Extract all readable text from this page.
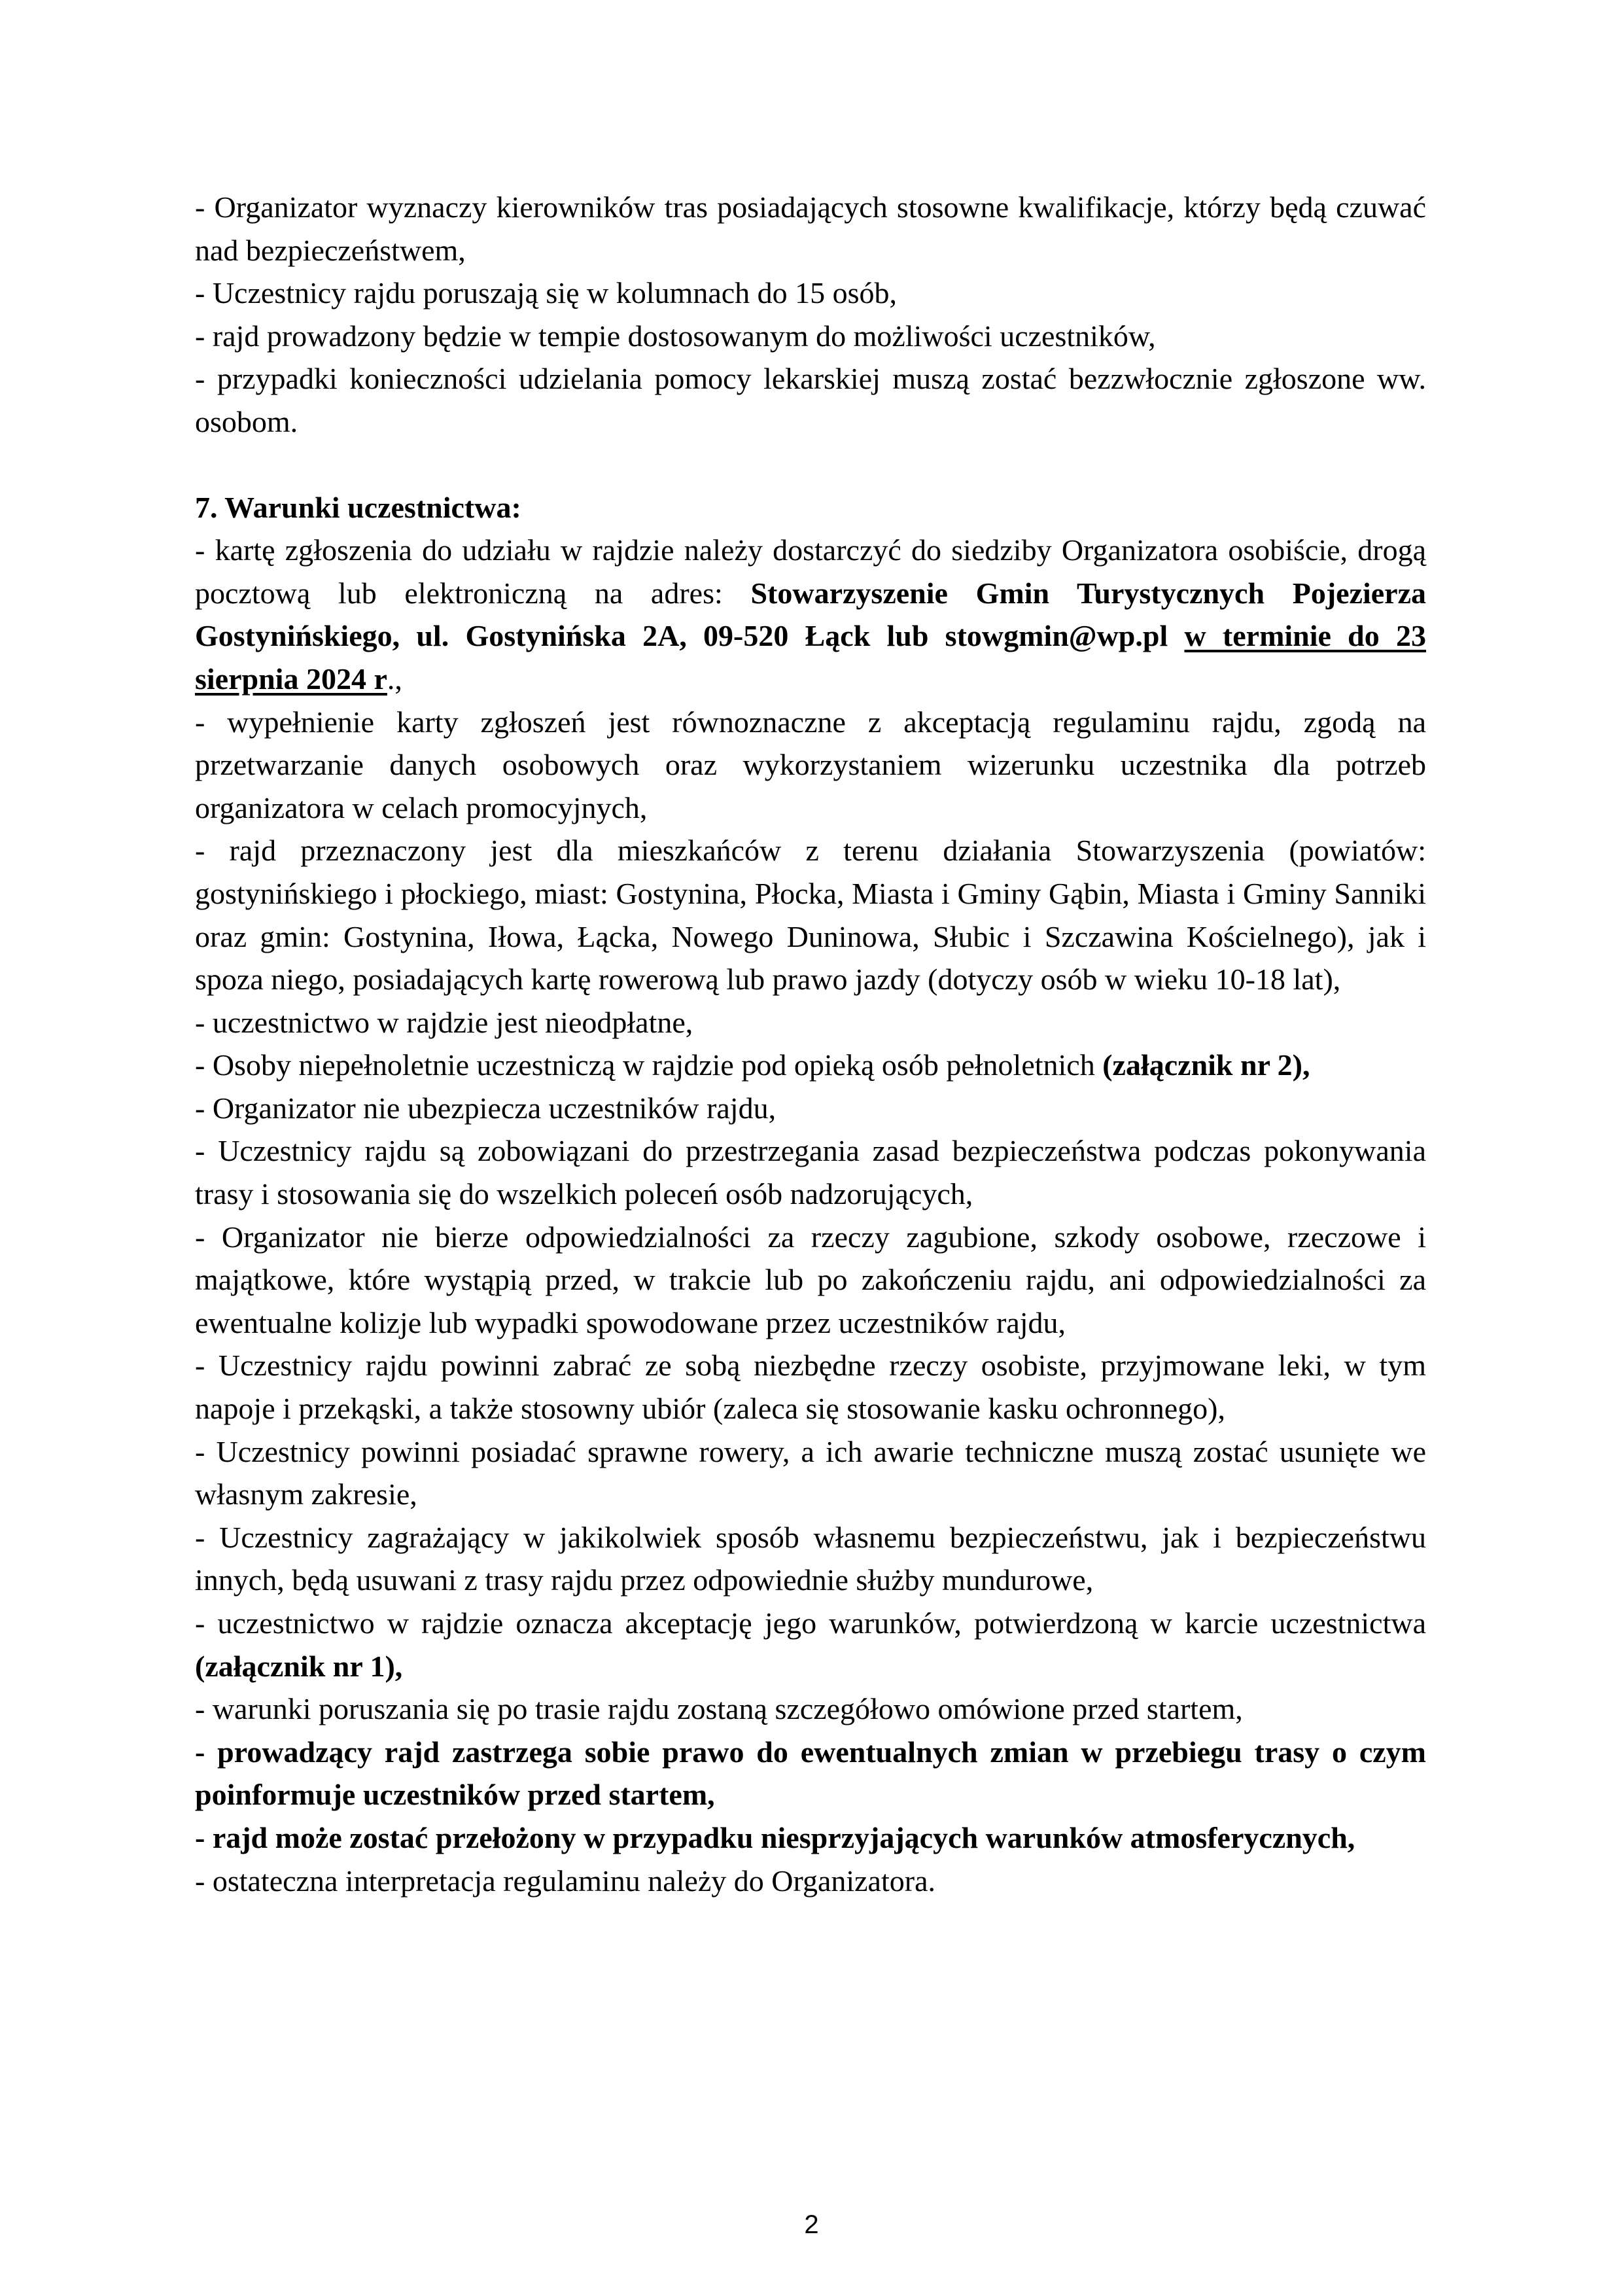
- Organizator wyznaczy kierowników tras posiadających stosowne kwalifikacje, którzy będą czuwać nad bezpieczeństwem,

- Uczestnicy rajdu poruszają się w kolumnach do 15 osób,

- rajd prowadzony będzie w tempie dostosowanym do możliwości uczestników,

- przypadki konieczności udzielania pomocy lekarskiej muszą zostać bezzwłocznie zgłoszone ww. osobom.

7. Warunki uczestnictwa:

- kartę zgłoszenia do udziału w rajdzie należy dostarczyć do siedziby Organizatora osobiście, drogą pocztową lub elektroniczną na adres: Stowarzyszenie Gmin Turystycznych Pojezierza Gostynińskiego, ul. Gostynińska 2A, 09-520 Łąck lub stowgmin@wp.pl w terminie do 23 sierpnia 2024 r.,

- wypełnienie karty zgłoszeń jest równoznaczne z akceptacją regulaminu rajdu, zgodą na przetwarzanie danych osobowych oraz wykorzystaniem wizerunku uczestnika dla potrzeb organizatora w celach promocyjnych,

- rajd przeznaczony jest dla mieszkańców z terenu działania Stowarzyszenia (powiatów: gostynińskiego i płockiego, miast: Gostynina, Płocka, Miasta i Gminy Gąbin, Miasta i Gminy Sanniki oraz gmin: Gostynina, Iłowa, Łącka, Nowego Duninowa, Słubic i Szczawina Kościelnego), jak i spoza niego, posiadających kartę rowerową lub prawo jazdy (dotyczy osób w wieku 10-18 lat),

- uczestnictwo w rajdzie jest nieodpłatne,

- Osoby niepełnoletnie uczestniczą w rajdzie pod opieką osób pełnoletnich (załącznik nr 2),

- Organizator nie ubezpiecza uczestników rajdu,

- Uczestnicy rajdu są zobowiązani do przestrzegania zasad bezpieczeństwa podczas pokonywania trasy i stosowania się do wszelkich poleceń osób nadzorujących,

- Organizator nie bierze odpowiedzialności za rzeczy zagubione, szkody osobowe, rzeczowe i majątkowe, które wystąpią przed, w trakcie lub po zakończeniu rajdu, ani odpowiedzialności za ewentualne kolizje lub wypadki spowodowane przez uczestników rajdu,

- Uczestnicy rajdu powinni zabrać ze sobą niezbędne rzeczy osobiste, przyjmowane leki, w tym napoje i przekąski, a także stosowny ubiór (zaleca się stosowanie kasku ochronnego),

- Uczestnicy powinni posiadać sprawne rowery, a ich awarie techniczne muszą zostać usunięte we własnym zakresie,

- Uczestnicy zagrażający w jakikolwiek sposób własnemu bezpieczeństwu, jak i bezpieczeństwu innych, będą usuwani z trasy rajdu przez odpowiednie służby mundurowe,

- uczestnictwo w rajdzie oznacza akceptację jego warunków, potwierdzoną w karcie uczestnictwa (załącznik nr 1),

- warunki poruszania się po trasie rajdu zostaną szczegółowo omówione przed startem,

- prowadzący rajd zastrzega sobie prawo do ewentualnych zmian w przebiegu trasy o czym poinformuje uczestników przed startem,

- rajd może zostać przełożony w przypadku niesprzyjających warunków atmosferycznych,

- ostateczna interpretacja regulaminu należy do Organizatora.

2
